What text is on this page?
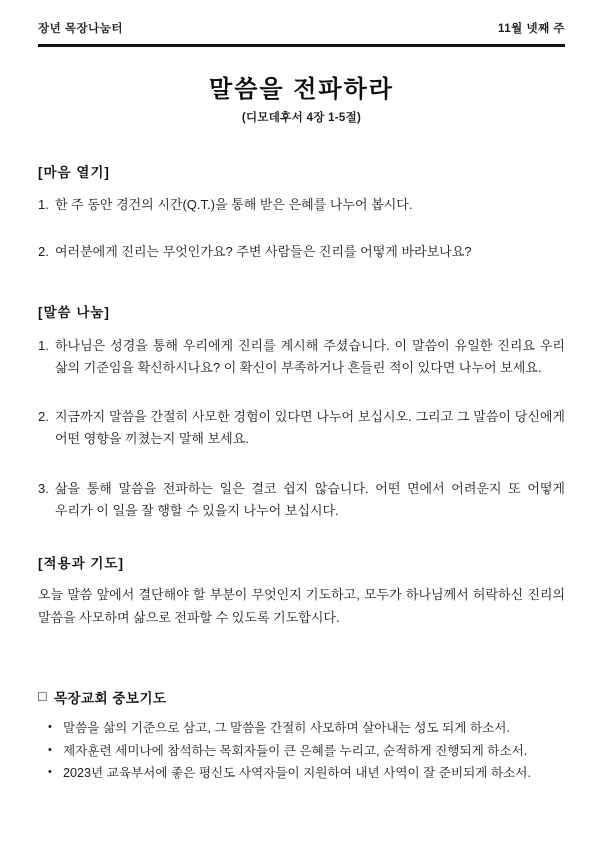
장년 목장나눔터	11월 넷째 주
말씀을 전파하라
(디모데후서 4장 1-5절)
[마음 열기]
1. 한 주 동안 경건의 시간(Q.T.)을 통해 받은 은혜를 나누어 봅시다.
2. 여러분에게 진리는 무엇인가요? 주변 사람들은 진리를 어떻게 바라보나요?
[말씀 나눔]
1. 하나님은 성경을 통해 우리에게 진리를 계시해 주셨습니다. 이 말씀이 유일한 진리요 우리 삶의 기준임을 확신하시나요? 이 확신이 부족하거나 흔들린 적이 있다면 나누어 보세요.
2. 지금까지 말씀을 간절히 사모한 경험이 있다면 나누어 보십시오. 그리고 그 말씀이 당신에게 어떤 영향을 끼쳤는지 말해 보세요.
3. 삶을 통해 말씀을 전파하는 일은 결코 쉽지 않습니다. 어떤 면에서 어려운지 또 어떻게 우리가 이 일을 잘 행할 수 있을지 나누어 보십시다.
[적용과 기도]
오늘 말씀 앞에서 결단해야 할 부분이 무엇인지 기도하고, 모두가 하나님께서 허락하신 진리의 말씀을 사모하며 삶으로 전파할 수 있도록 기도합시다.
□ 목장교회 중보기도
• 말씀을 삶의 기준으로 삼고, 그 말씀을 간절히 사모하며 살아내는 성도 되게 하소서.
• 제자훈련 세미나에 참석하는 목회자들이 큰 은혜를 누리고, 순적하게 진행되게 하소서.
• 2023년 교육부서에 좋은 평신도 사역자들이 지원하여 내년 사역이 잘 준비되게 하소서.
